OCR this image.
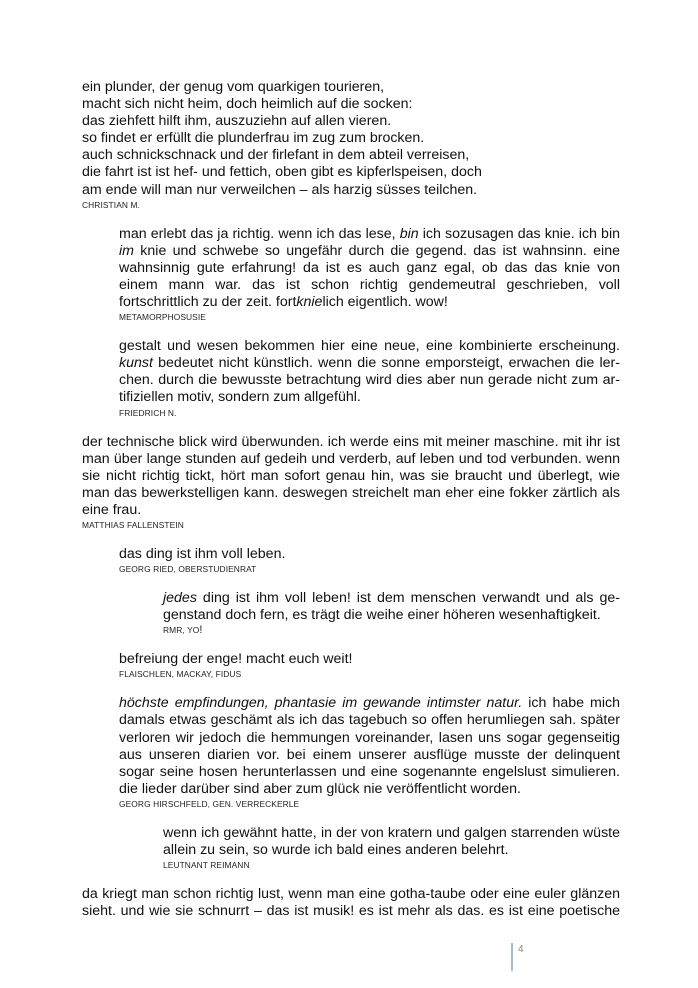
ein plunder, der genug vom quarkigen tourieren,
macht sich nicht heim, doch heimlich auf die socken:
das ziehfett hilft ihm, auszuziehn auf allen vieren.
so findet er erfüllt die plunderfrau im zug zum brocken.
auch schnickschnack und der firlefant in dem abteil verreisen,
die fahrt ist ist hef- und fettich, oben gibt es kipferlspeisen, doch
am ende will man nur verweilchen – als harzig süsses teilchen.
CHRISTIAN M.
man erlebt das ja richtig. wenn ich das lese, bin ich sozusagen das knie. ich bin im knie und schwebe so ungefähr durch die gegend. das ist wahnsinn. eine wahnsinnig gute erfahrung! da ist es auch ganz egal, ob das das knie von einem mann war. das ist schon richtig gendemeutral geschrieben, voll fortschrittlich zu der zeit. fortknielich eigentlich. wow!
METAMORPHOSUSIE
gestalt und wesen bekommen hier eine neue, eine kombinierte erscheinung. kunst bedeutet nicht künstlich. wenn die sonne emporsteigt, erwachen die lerchen. durch die bewusste betrachtung wird dies aber nun gerade nicht zum artifiziellen motiv, sondern zum allgefühl.
FRIEDRICH N.
der technische blick wird überwunden. ich werde eins mit meiner maschine. mit ihr ist man über lange stunden auf gedeih und verderb, auf leben und tod verbunden. wenn sie nicht richtig tickt, hört man sofort genau hin, was sie braucht und überlegt, wie man das bewerkstelligen kann. deswegen streichelt man eher eine fokker zärtlich als eine frau.
MATTHIAS FALLENSTEIN
das ding ist ihm voll leben.
GEORG RIED, OBERSTUDIENRAT
jedes ding ist ihm voll leben! ist dem menschen verwandt und als gegenstand doch fern, es trägt die weihe einer höheren wesenhaftigkeit.
RMR, YO!
befreiung der enge! macht euch weit!
FLAISCHLEN, MACKAY, FIDUS
höchste empfindungen, phantasie im gewande intimster natur. ich habe mich damals etwas geschämt als ich das tagebuch so offen herumliegen sah. später verloren wir jedoch die hemmungen voreinander, lasen uns sogar gegenseitig aus unseren diarien vor. bei einem unserer ausflüge musste der delinquent sogar seine hosen herunterlassen und eine sogenannte engelslust simulieren. die lieder darüber sind aber zum glück nie veröffentlicht worden.
GEORG HIRSCHFELD, GEN. VERRECKERLE
wenn ich gewähnt hatte, in der von kratern und galgen starrenden wüste allein zu sein, so wurde ich bald eines anderen belehrt.
LEUTNANT REIMANN
da kriegt man schon richtig lust, wenn man eine gotha-taube oder eine euler glänzen sieht. und wie sie schnurrt – das ist musik! es ist mehr als das. es ist eine poetische
4
